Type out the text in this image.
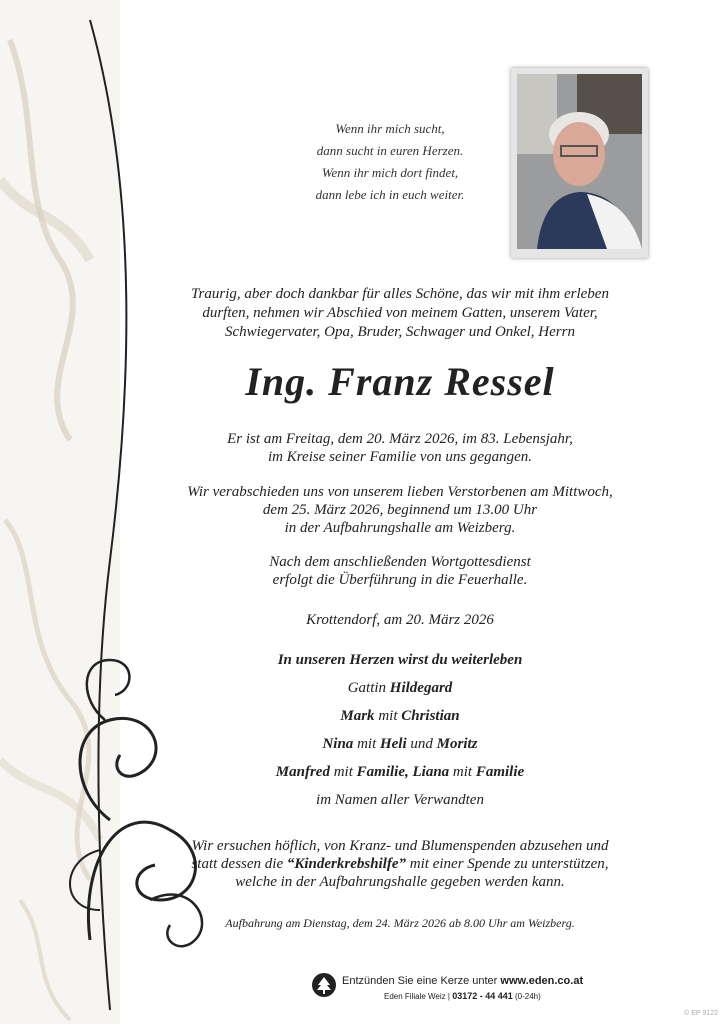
Wenn ihr mich sucht,
dann sucht in euren Herzen.
Wenn ihr mich dort findet,
dann lebe ich in euch weiter.
Traurig, aber doch dankbar für alles Schöne, das wir mit ihm erleben
durften, nehmen wir Abschied von meinem Gatten, unserem Vater,
Schwiegervater, Opa, Bruder, Schwager und Onkel, Herrn
Ing. Franz Ressel
Er ist am Freitag, dem 20. März 2026, im 83. Lebensjahr,
im Kreise seiner Familie von uns gegangen.
Wir verabschieden uns von unserem lieben Verstorbenen am Mittwoch,
dem 25. März 2026, beginnend um 13.00 Uhr
in der Aufbahrungshalle am Weizberg.
Nach dem anschließenden Wortgottesdienst
erfolgt die Überführung in die Feuerhalle.
Krottendorf, am 20. März 2026
In unseren Herzen wirst du weiterleben
Gattin Hildegard
Mark mit Christian
Nina mit Heli und Moritz
Manfred mit Familie, Liana mit Familie
im Namen aller Verwandten
Wir ersuchen höflich, von Kranz- und Blumenspenden abzusehen und
statt dessen die “Kinderkrebshilfe” mit einer Spende zu unterstützen,
welche in der Aufbahrungshalle gegeben werden kann.
Aufbahrung am Dienstag, dem 24. März 2026 ab 8.00 Uhr am Weizberg.
Entzünden Sie eine Kerze unter www.eden.co.at
Eden Filiale Weiz | 03172 - 44 441 (0-24h)
© EP 9122
